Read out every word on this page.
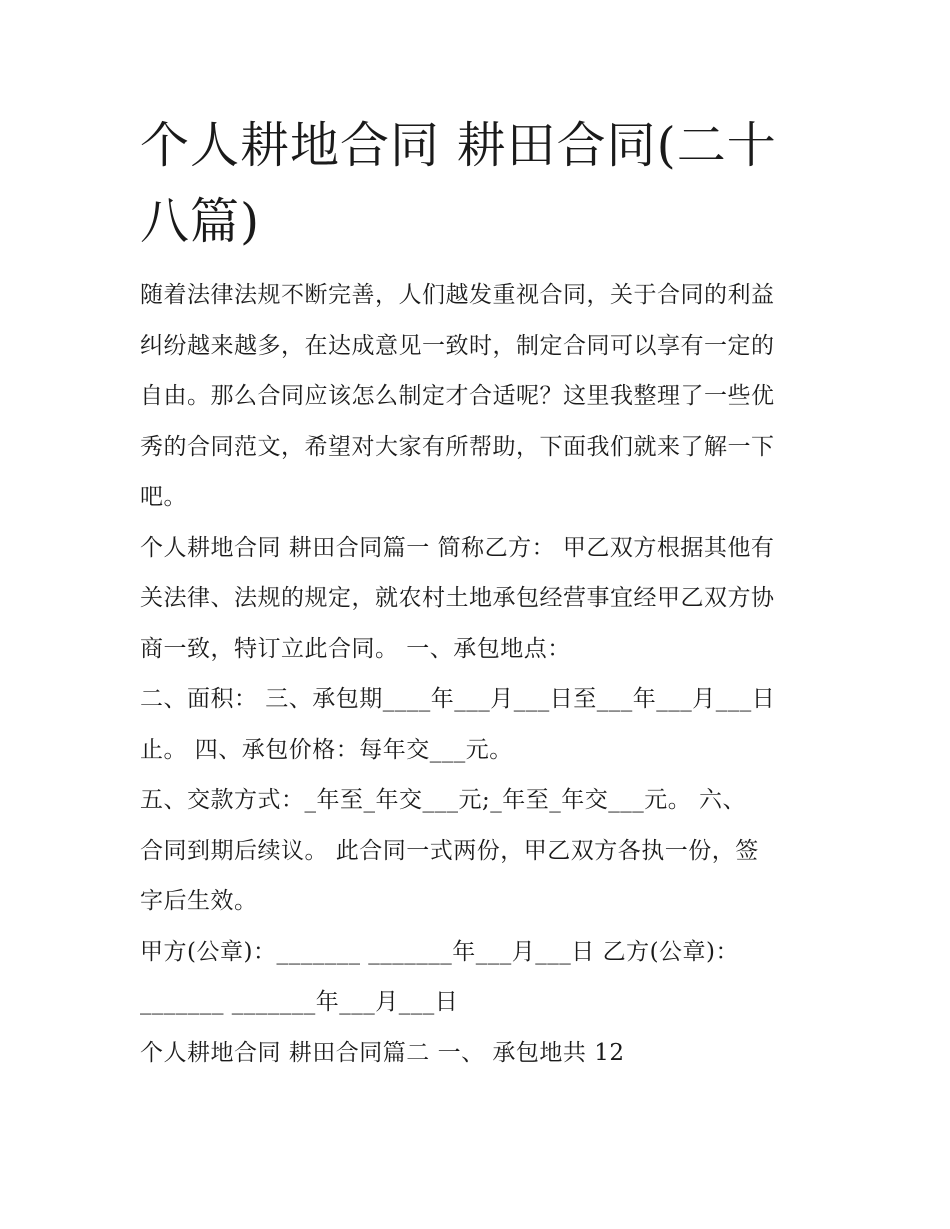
个人耕地合同 耕田合同(二十
八篇)

随着法律法规不断完善，人们越发重视合同，关于合同的利益
纠纷越来越多，在达成意见一致时，制定合同可以享有一定的
自由。那么合同应该怎么制定才合适呢？这里我整理了一些优
秀的合同范文，希望对大家有所帮助，下面我们就来了解一下
吧。

个人耕地合同 耕田合同篇一 简称乙方： 甲乙双方根据其他有
关法律、法规的规定，就农村土地承包经营事宜经甲乙双方协
商一致，特订立此合同。 一、承包地点：

二、面积： 三、承包期____年___月___日至___年___月___日
止。 四、承包价格：每年交___元。

五、交款方式：_年至_年交___元;_年至_年交___元。 六、
合同到期后续议。 此合同一式两份，甲乙双方各执一份，签
字后生效。

甲方(公章)：_______ _______年___月___日 乙方(公章)：
_______ _______年___月___日

个人耕地合同 耕田合同篇二 一、 承包地共 12
